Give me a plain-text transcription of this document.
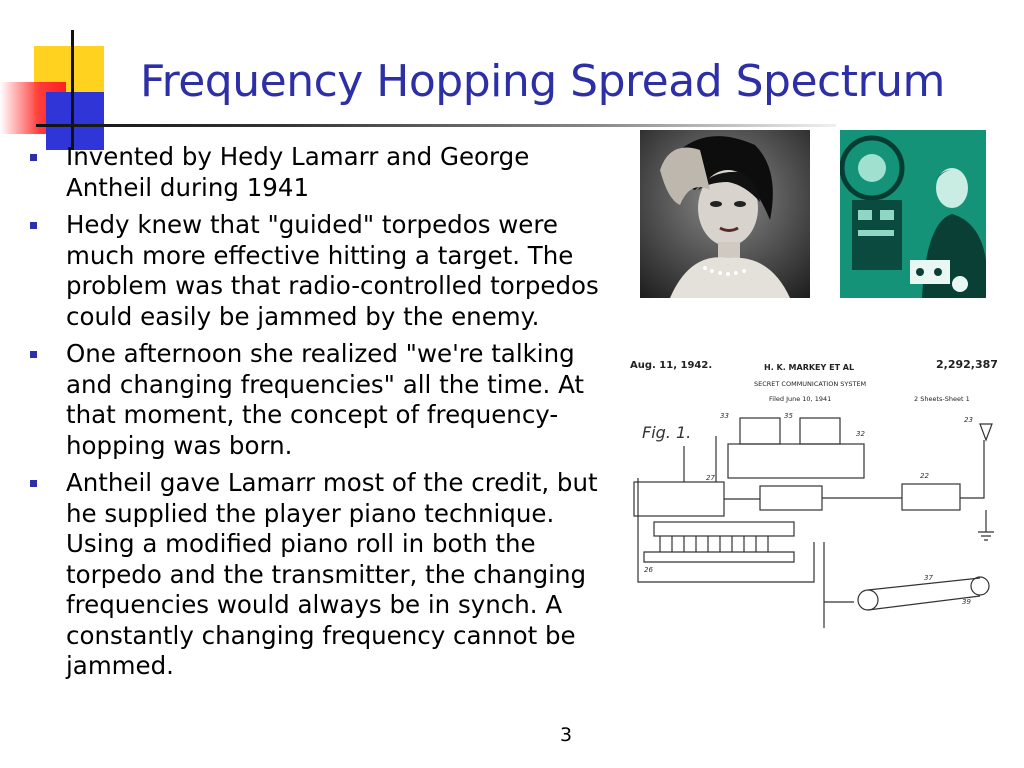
Frequency Hopping Spread Spectrum
Invented by Hedy Lamarr and George Antheil during 1941
Hedy knew that "guided" torpedos were much more effective hitting a target. The problem was that radio-controlled torpedos could easily be jammed by the enemy.
One afternoon she realized "we're talking and changing frequencies" all the time. At that moment, the concept of frequency-hopping was born.
Antheil gave Lamarr most of the credit, but he supplied the player piano technique. Using a modified piano roll in both the torpedo and the transmitter, the changing frequencies would always be in synch. A constantly changing frequency cannot be jammed.
Aug. 11, 1942.	H. K. MARKEY ET AL	2,292,387
SECRET COMMUNICATION SYSTEM
Filed June 10, 1941	2 Sheets-Sheet 1
Fig. 1.
33	35
32
23
27	22
26
37
39
3
